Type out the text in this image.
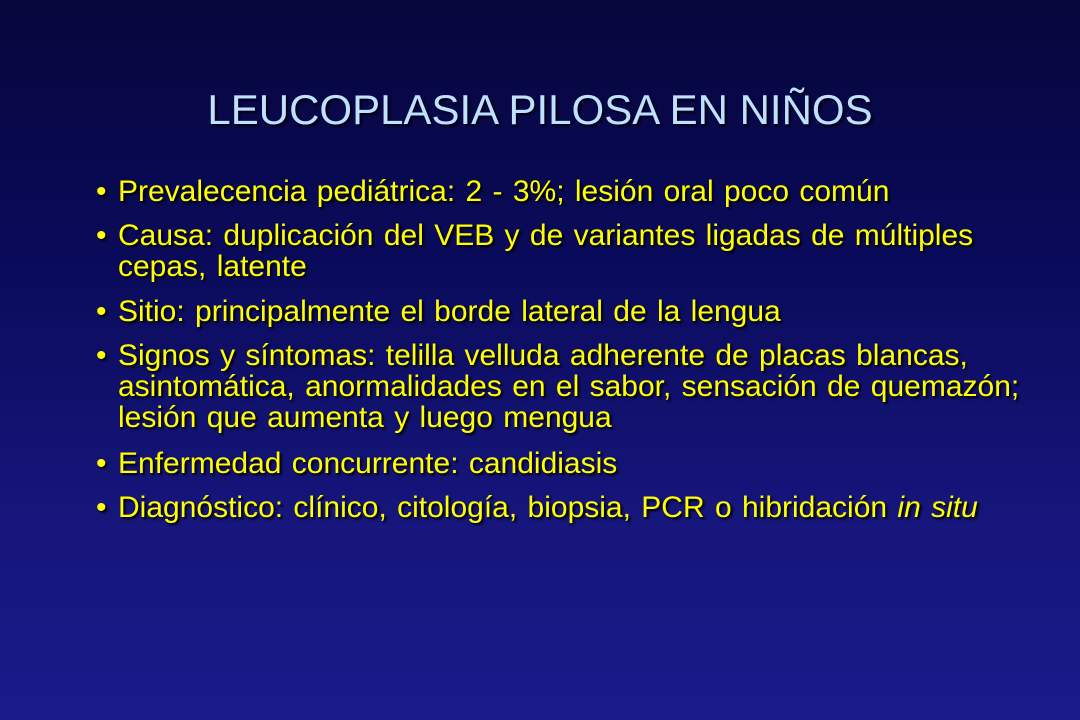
LEUCOPLASIA PILOSA EN NIÑOS
• Prevalecencia pediátrica: 2 - 3%; lesión oral poco común
• Causa: duplicación del VEB y de variantes ligadas de múltiples cepas, latente
• Sitio: principalmente el borde lateral de la lengua
• Signos y síntomas: telilla velluda adherente de placas blancas, asintomática, anormalidades en el sabor, sensación de quemazón; lesión que aumenta y luego mengua
• Enfermedad concurrente: candidiasis
• Diagnóstico: clínico, citología, biopsia, PCR o hibridación in situ
